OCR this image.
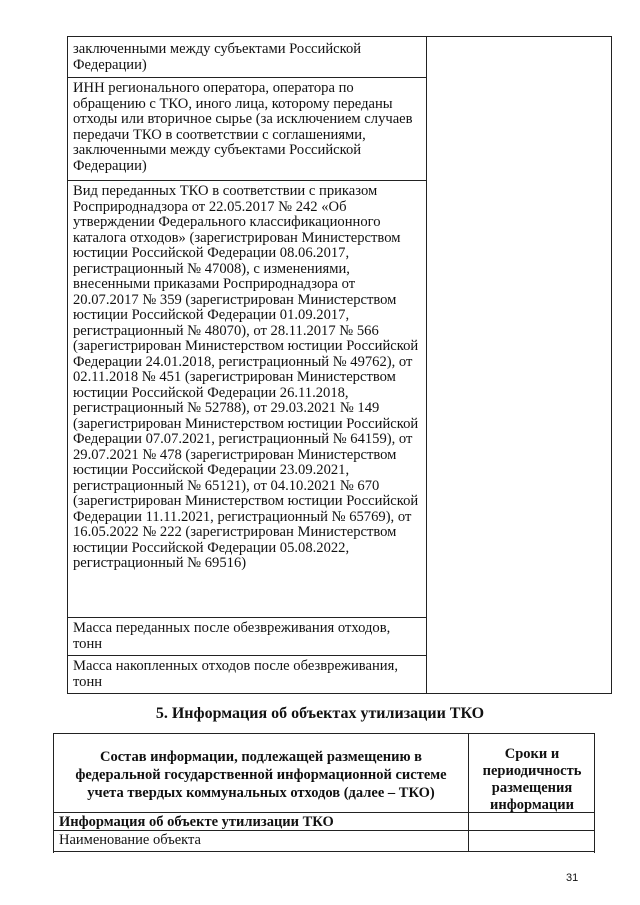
заключенными между субъектами Российской
Федерации)
ИНН регионального оператора, оператора по
обращению с ТКО, иного лица, которому переданы
отходы или вторичное сырье (за исключением случаев
передачи ТКО в соответствии с соглашениями,
заключенными между субъектами Российской
Федерации)
Вид переданных ТКО в соответствии с приказом
Росприроднадзора от 22.05.2017 № 242 «Об
утверждении Федерального классификационного
каталога отходов» (зарегистрирован Министерством
юстиции Российской Федерации 08.06.2017,
регистрационный № 47008), с изменениями,
внесенными приказами Росприроднадзора от
20.07.2017 № 359 (зарегистрирован Министерством
юстиции Российской Федерации 01.09.2017,
регистрационный № 48070), от 28.11.2017 № 566
(зарегистрирован Министерством юстиции Российской
Федерации 24.01.2018, регистрационный № 49762), от
02.11.2018 № 451 (зарегистрирован Министерством
юстиции Российской Федерации 26.11.2018,
регистрационный № 52788), от 29.03.2021 № 149
(зарегистрирован Министерством юстиции Российской
Федерации 07.07.2021, регистрационный № 64159), от
29.07.2021 № 478 (зарегистрирован Министерством
юстиции Российской Федерации 23.09.2021,
регистрационный № 65121), от 04.10.2021 № 670
(зарегистрирован Министерством юстиции Российской
Федерации 11.11.2021, регистрационный № 65769), от
16.05.2022 № 222 (зарегистрирован Министерством
юстиции Российской Федерации 05.08.2022,
регистрационный № 69516)
Масса переданных после обезвреживания отходов,
тонн
Масса накопленных отходов после обезвреживания,
тонн
5. Информация об объектах утилизации ТКО
Состав информации, подлежащей размещению в
федеральной государственной информационной системе
учета твердых коммунальных отходов (далее – ТКО)
Сроки и
периодичность
размещения
информации
Информация об объекте утилизации ТКО
Наименование объекта
31
